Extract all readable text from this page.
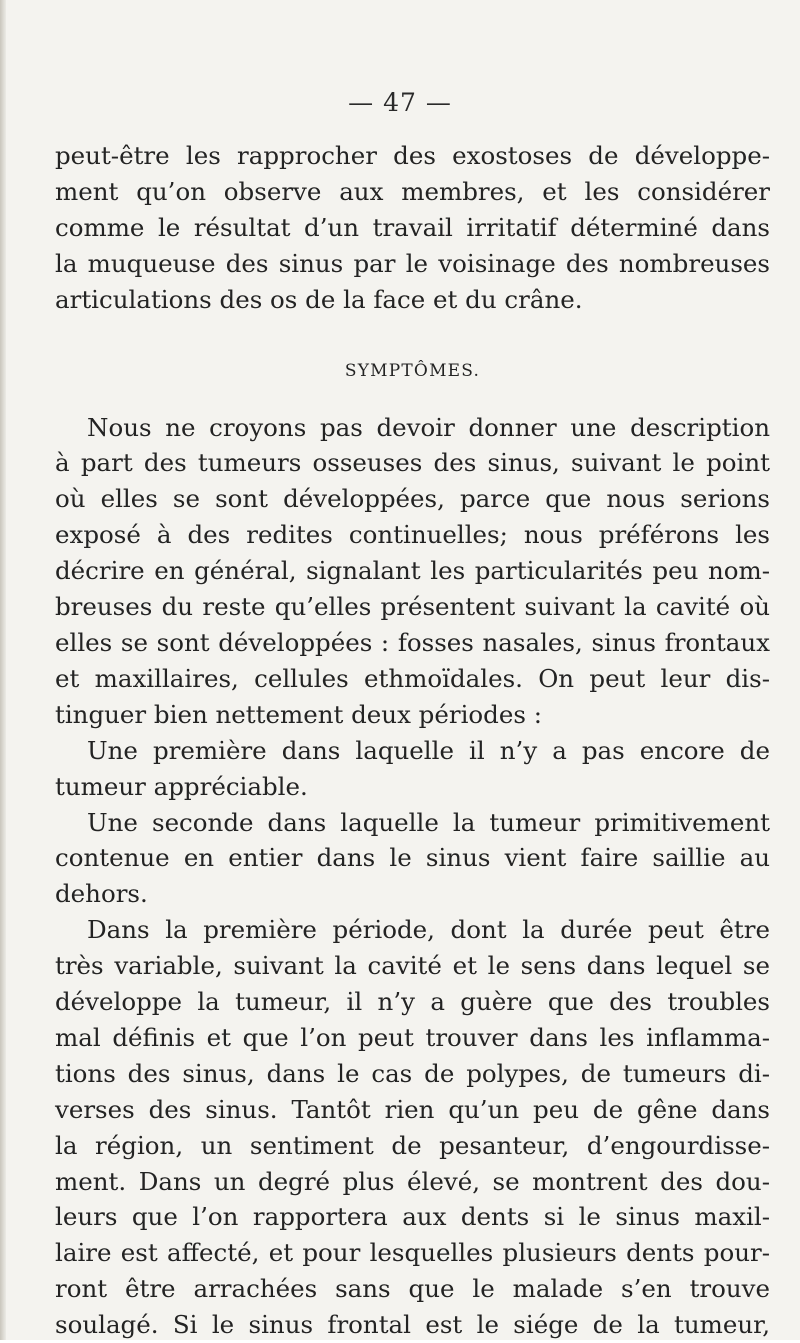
— 47 —
peut-être les rapprocher des exostoses de développe-
ment qu’on observe aux membres, et les considérer
comme le résultat d’un travail irritatif déterminé dans
la muqueuse des sinus par le voisinage des nombreuses
articulations des os de la face et du crâne.
SYMPTÔMES.
Nous ne croyons pas devoir donner une description
à part des tumeurs osseuses des sinus, suivant le point
où elles se sont développées, parce que nous serions
exposé à des redites continuelles; nous préférons les
décrire en général, signalant les particularités peu nom-
breuses du reste qu’elles présentent suivant la cavité où
elles se sont développées : fosses nasales, sinus frontaux
et maxillaires, cellules ethmoïdales. On peut leur dis-
tinguer bien nettement deux périodes :
Une première dans laquelle il n’y a pas encore de
tumeur appréciable.
Une seconde dans laquelle la tumeur primitivement
contenue en entier dans le sinus vient faire saillie au
dehors.
Dans la première période, dont la durée peut être
très variable, suivant la cavité et le sens dans lequel se
développe la tumeur, il n’y a guère que des troubles
mal définis et que l’on peut trouver dans les inflamma-
tions des sinus, dans le cas de polypes, de tumeurs di-
verses des sinus. Tantôt rien qu’un peu de gêne dans
la région, un sentiment de pesanteur, d’engourdisse-
ment. Dans un degré plus élevé, se montrent des dou-
leurs que l’on rapportera aux dents si le sinus maxil-
laire est affecté, et pour lesquelles plusieurs dents pour-
ront être arrachées sans que le malade s’en trouve
soulagé. Si le sinus frontal est le siége de la tumeur,
